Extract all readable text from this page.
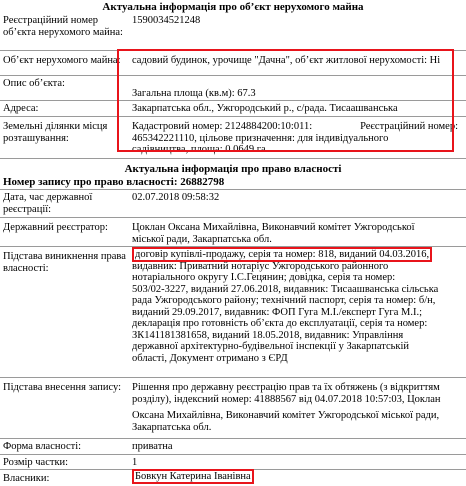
Актуальна інформація про об’єкт нерухомого майна
Реєстраційний номер об’єкта нерухомого майна:
1590034521248
Об’єкт нерухомого майна:	садовий будинок, урочище "Дачна", об’єкт житлової нерухомості: Ні
Опис об’єкта:
Загальна площа (кв.м): 67.3
Адреса:	Закарпатська обл., Ужгородський р., с/рада. Тисаашванська
Земельні ділянки місця розташування:
Кадастровий номер: 2124884200:10:011:	Реєстраційний номер:
465342221110, цільове призначення: для індивідуального
садівництва, площа: 0.0649 га
Актуальна інформація про право власності
Номер запису про право власності: 26882798
Дата, час державної реєстрації:
02.07.2018 09:58:32
Державний реєстратор:	Цоклан Оксана Михайлівна, Виконавчий комітет Ужгородської
міської ради, Закарпатська обл.
Підстава виникнення права власності:
договір купівлі-продажу, серія та номер: 818, виданий 04.03.2016,
видавник: Приватний нотаріус Ужгородського районного
нотаріального округу І.С.Гецянин; довідка, серія та номер:
503/02-3227, виданий 27.06.2018, видавник: Тисаашванська сільська
рада Ужгородського району; технічний паспорт, серія та номер: б/н,
виданий 29.09.2017, видавник: ФОП Гуга М.І./експерт Гуга М.І.;
декларація про готовність об’єкта до експлуатації, серія та номер:
ЗК141181381658, виданий 18.05.2018, видавник: Управління
державної архітектурно-будівельної інспекції у Закарпатській
області, Документ отримано з ЄРД
Підстава внесення запису:	Рішення про державну реєстрацію прав та їх обтяжень (з відкриттям
розділу), індексний номер: 41888567 від 04.07.2018 10:57:03, Цоклан
Оксана Михайлівна, Виконавчий комітет Ужгородської міської ради,
Закарпатська обл.
Форма власності:	приватна
Розмір частки:	1
Власники:	Бовкун Катерина Іванівна
